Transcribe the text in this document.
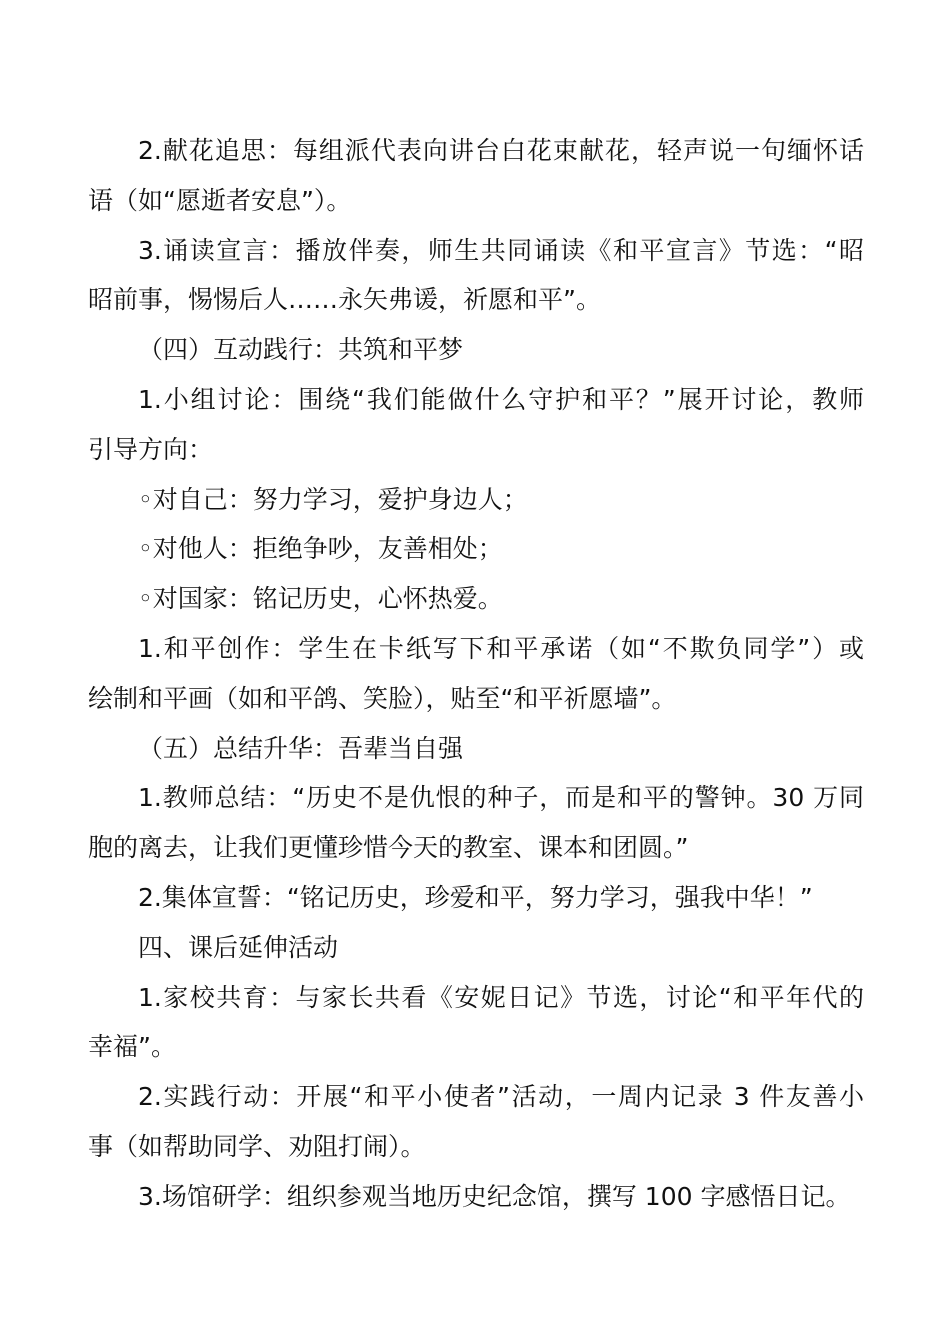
2.献花追思：每组派代表向讲台白花束献花，轻声说一句缅怀话
语（如“愿逝者安息”）。
3.诵读宣言：播放伴奏，师生共同诵读《和平宣言》节选：“昭
昭前事，惕惕后人……永矢弗谖，祈愿和平”。
（四）互动践行：共筑和平梦
1.小组讨论：围绕“我们能做什么守护和平？”展开讨论，教师
引导方向：
◦对自己：努力学习，爱护身边人；
◦对他人：拒绝争吵，友善相处；
◦对国家：铭记历史，心怀热爱。
1.和平创作：学生在卡纸写下和平承诺（如“不欺负同学”）或
绘制和平画（如和平鸽、笑脸），贴至“和平祈愿墙”。
（五）总结升华：吾辈当自强
1.教师总结：“历史不是仇恨的种子，而是和平的警钟。30 万同
胞的离去，让我们更懂珍惜今天的教室、课本和团圆。”
2.集体宣誓：“铭记历史，珍爱和平，努力学习，强我中华！”
四、课后延伸活动
1.家校共育：与家长共看《安妮日记》节选，讨论“和平年代的
幸福”。
2.实践行动：开展“和平小使者”活动，一周内记录 3 件友善小
事（如帮助同学、劝阻打闹）。
3.场馆研学：组织参观当地历史纪念馆，撰写 100 字感悟日记。
